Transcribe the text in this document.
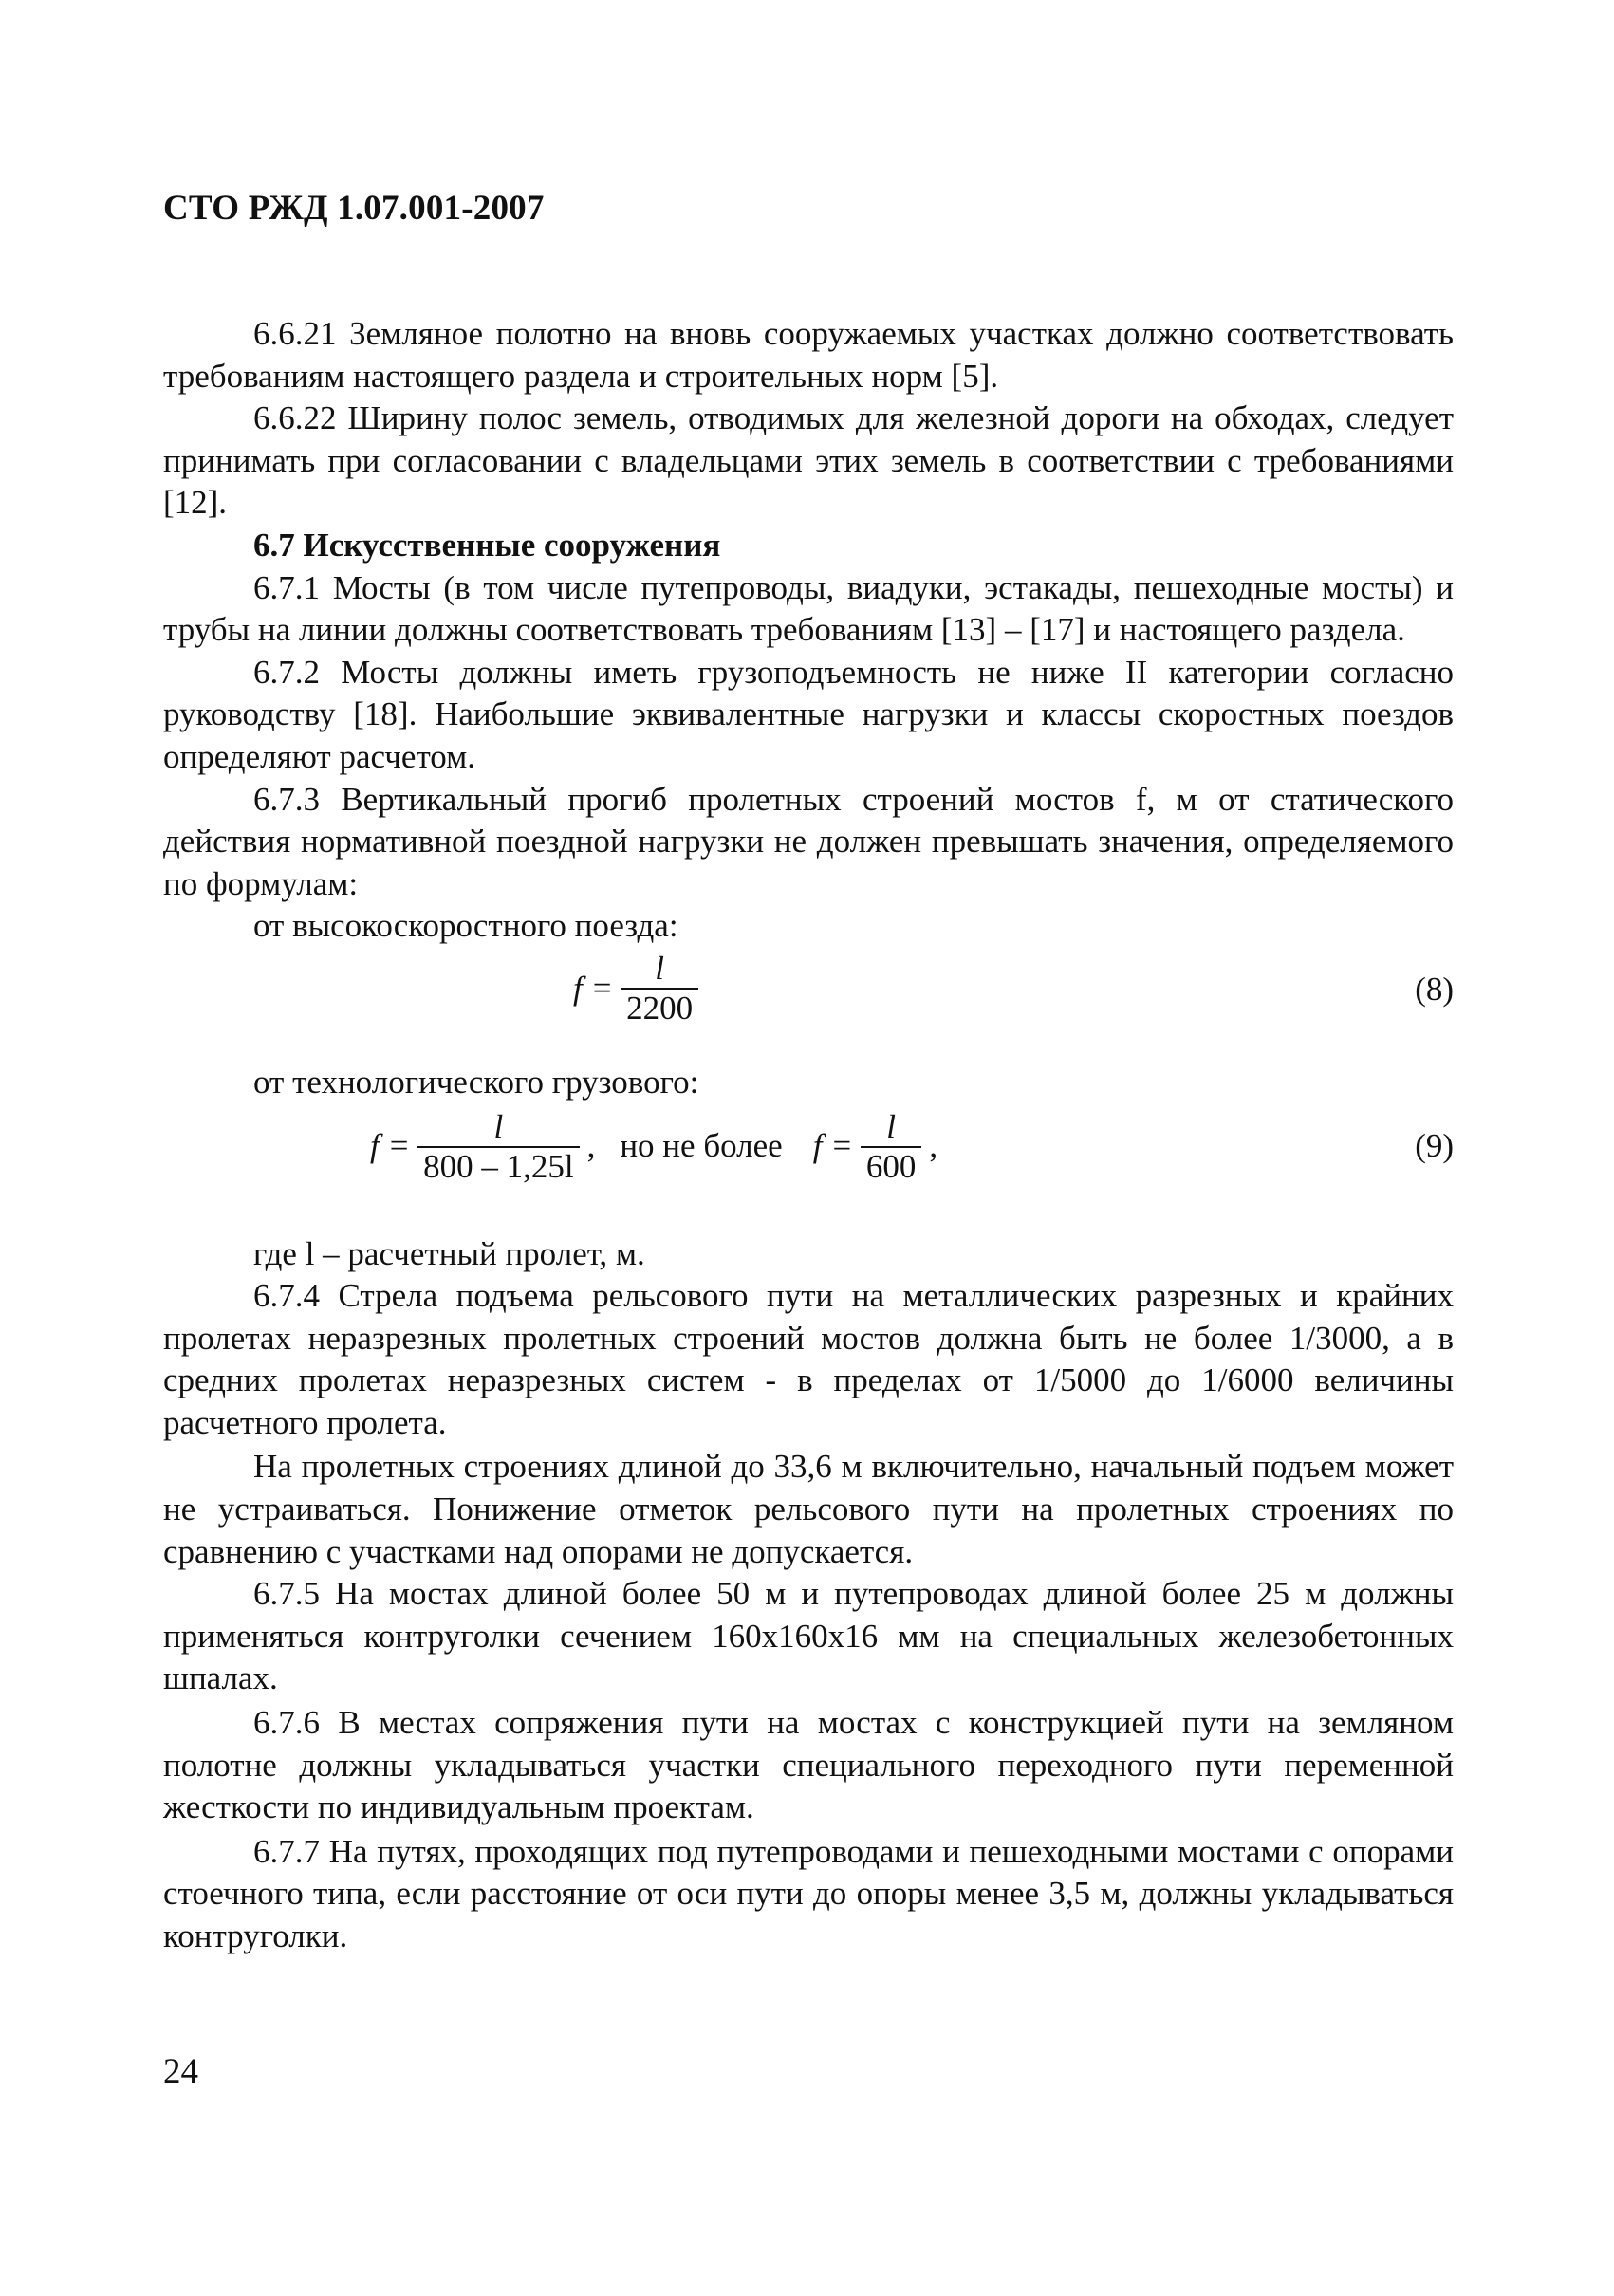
СТО РЖД 1.07.001-2007

6.6.21 Земляное полотно на вновь сооружаемых участках должно соответствовать требованиям настоящего раздела и строительных норм [5].

6.6.22 Ширину полос земель, отводимых для железной дороги на обходах, следует принимать при согласовании с владельцами этих земель в соответствии с требованиями [12].

6.7 Искусственные сооружения

6.7.1 Мосты (в том числе путепроводы, виадуки, эстакады, пешеходные мосты) и трубы на линии должны соответствовать требованиям [13] – [17] и настоящего раздела.

6.7.2 Мосты должны иметь грузоподъемность не ниже II категории согласно руководству [18]. Наибольшие эквивалентные нагрузки и классы скоростных поездов определяют расчетом.

6.7.3 Вертикальный прогиб пролетных строений мостов f, м от статического действия нормативной поездной нагрузки не должен превышать значения, определяемого по формулам:

от высокоскоростного поезда:

$f = \frac{l}{2200}$	(8)

от технологического грузового:

$f = \frac{l}{800 - 1,25l}$ , но не более $f = \frac{l}{600}$ ,	(9)

где l – расчетный пролет, м.

6.7.4 Стрела подъема рельсового пути на металлических разрезных и крайних пролетах неразрезных пролетных строений мостов должна быть не более 1/3000, а в средних пролетах неразрезных систем - в пределах от 1/5000 до 1/6000 величины расчетного пролета.

На пролетных строениях длиной до 33,6 м включительно, начальный подъем может не устраиваться. Понижение отметок рельсового пути на пролетных строениях по сравнению с участками над опорами не допускается.

6.7.5 На мостах длиной более 50 м и путепроводах длиной более 25 м должны применяться контруголки сечением 160х160х16 мм на специальных железобетонных шпалах.

6.7.6 В местах сопряжения пути на мостах с конструкцией пути на земляном полотне должны укладываться участки специального переходного пути переменной жесткости по индивидуальным проектам.

6.7.7 На путях, проходящих под путепроводами и пешеходными мостами с опорами стоечного типа, если расстояние от оси пути до опоры менее 3,5 м, должны укладываться контруголки.

24
